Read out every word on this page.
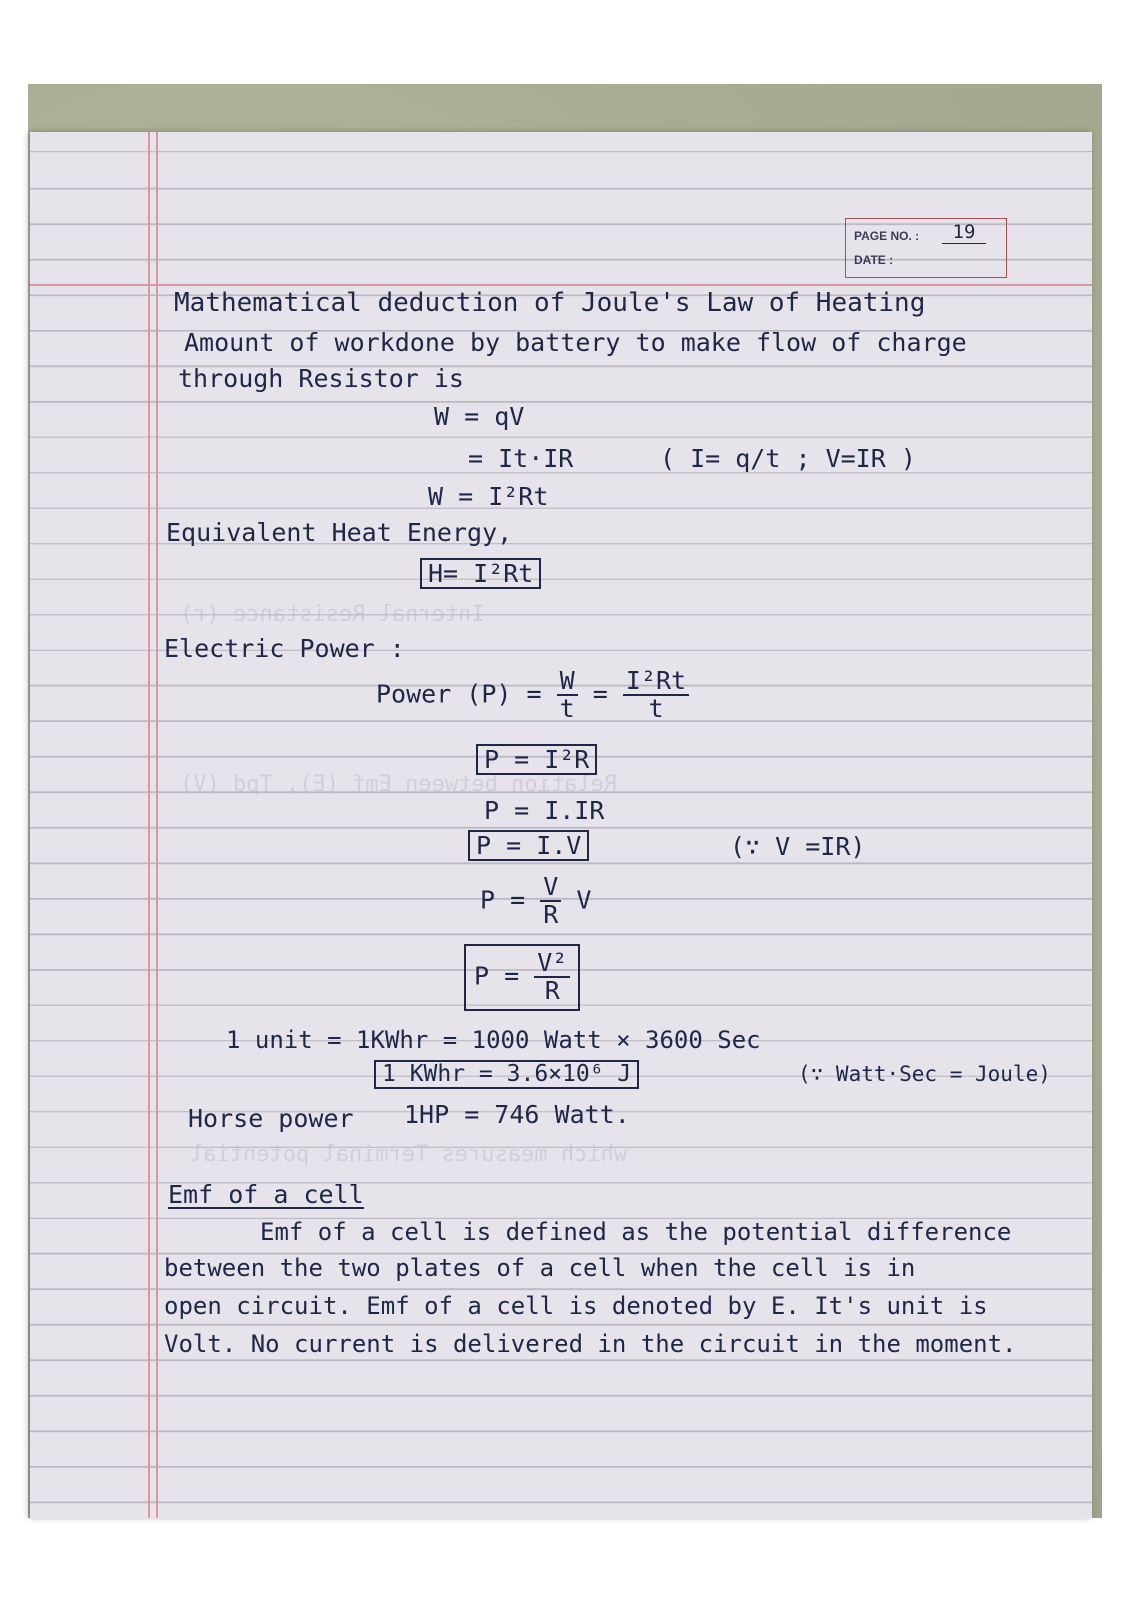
Internal Resistance (r)
Relation between Emf (E), Tpd (V)
which measures Terminal potential
PAGE NO. :	19
DATE :
Mathematical deduction of Joule's Law of Heating
Amount of workdone by battery to make flow of charge
through Resistor is
W = qV
= It·IR	( I= q/t ; V=IR )
W = I²Rt
Equivalent Heat Energy,
H= I²Rt
Electric Power :
Power $(P) = \frac{W}{t} = \frac{\text{I²Rt}}{t}$
P = I²R
P = I.IR
P = I.V	(∵ V =IR)
$P = \frac{V}{R}$ V
$P = \frac{\text{V²}}{R}$
1 unit = 1KWhr = 1000 Watt × 3600 Sec
1 KWhr = 3.6×10⁶ J	(∵ Watt·Sec = Joule)
Horse power 1HP = 746 Watt.
Emf of a cell
Emf of a cell is defined as the potential difference
between the two plates of a cell when the cell is in
open circuit. Emf of a cell is denoted by E. It's unit is
Volt. No current is delivered in the circuit in the moment.
